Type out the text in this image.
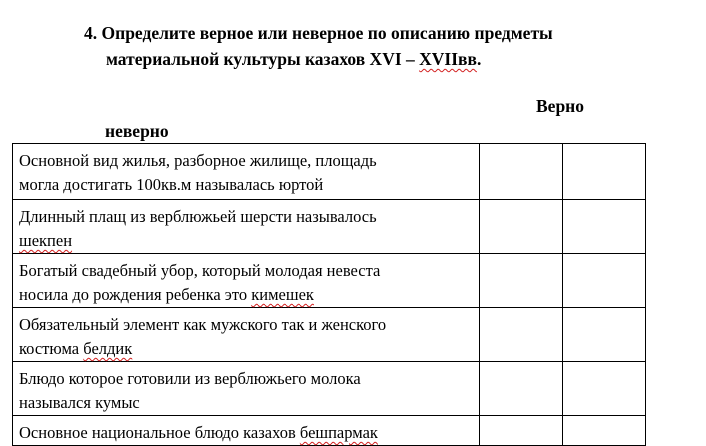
4. Определите верное или неверное по описанию предметы
материальной культуры казахов XVI – XVIIвв.
Верно
неверно
Основной вид жилья, разборное жилище, площадь
могла достигать 100кв.м называлась юртой		

Длинный плащ из верблюжьей шерсти называлось
шекпен		

Богатый свадебный убор, который молодая невеста
носила до рождения ребенка это кимешек		

Обязательный элемент как мужского так и женского
костюма белдик		

Блюдо которое готовили из верблюжьего молока
назывался кумыс		

Основное национальное блюдо казахов бешпармак		
